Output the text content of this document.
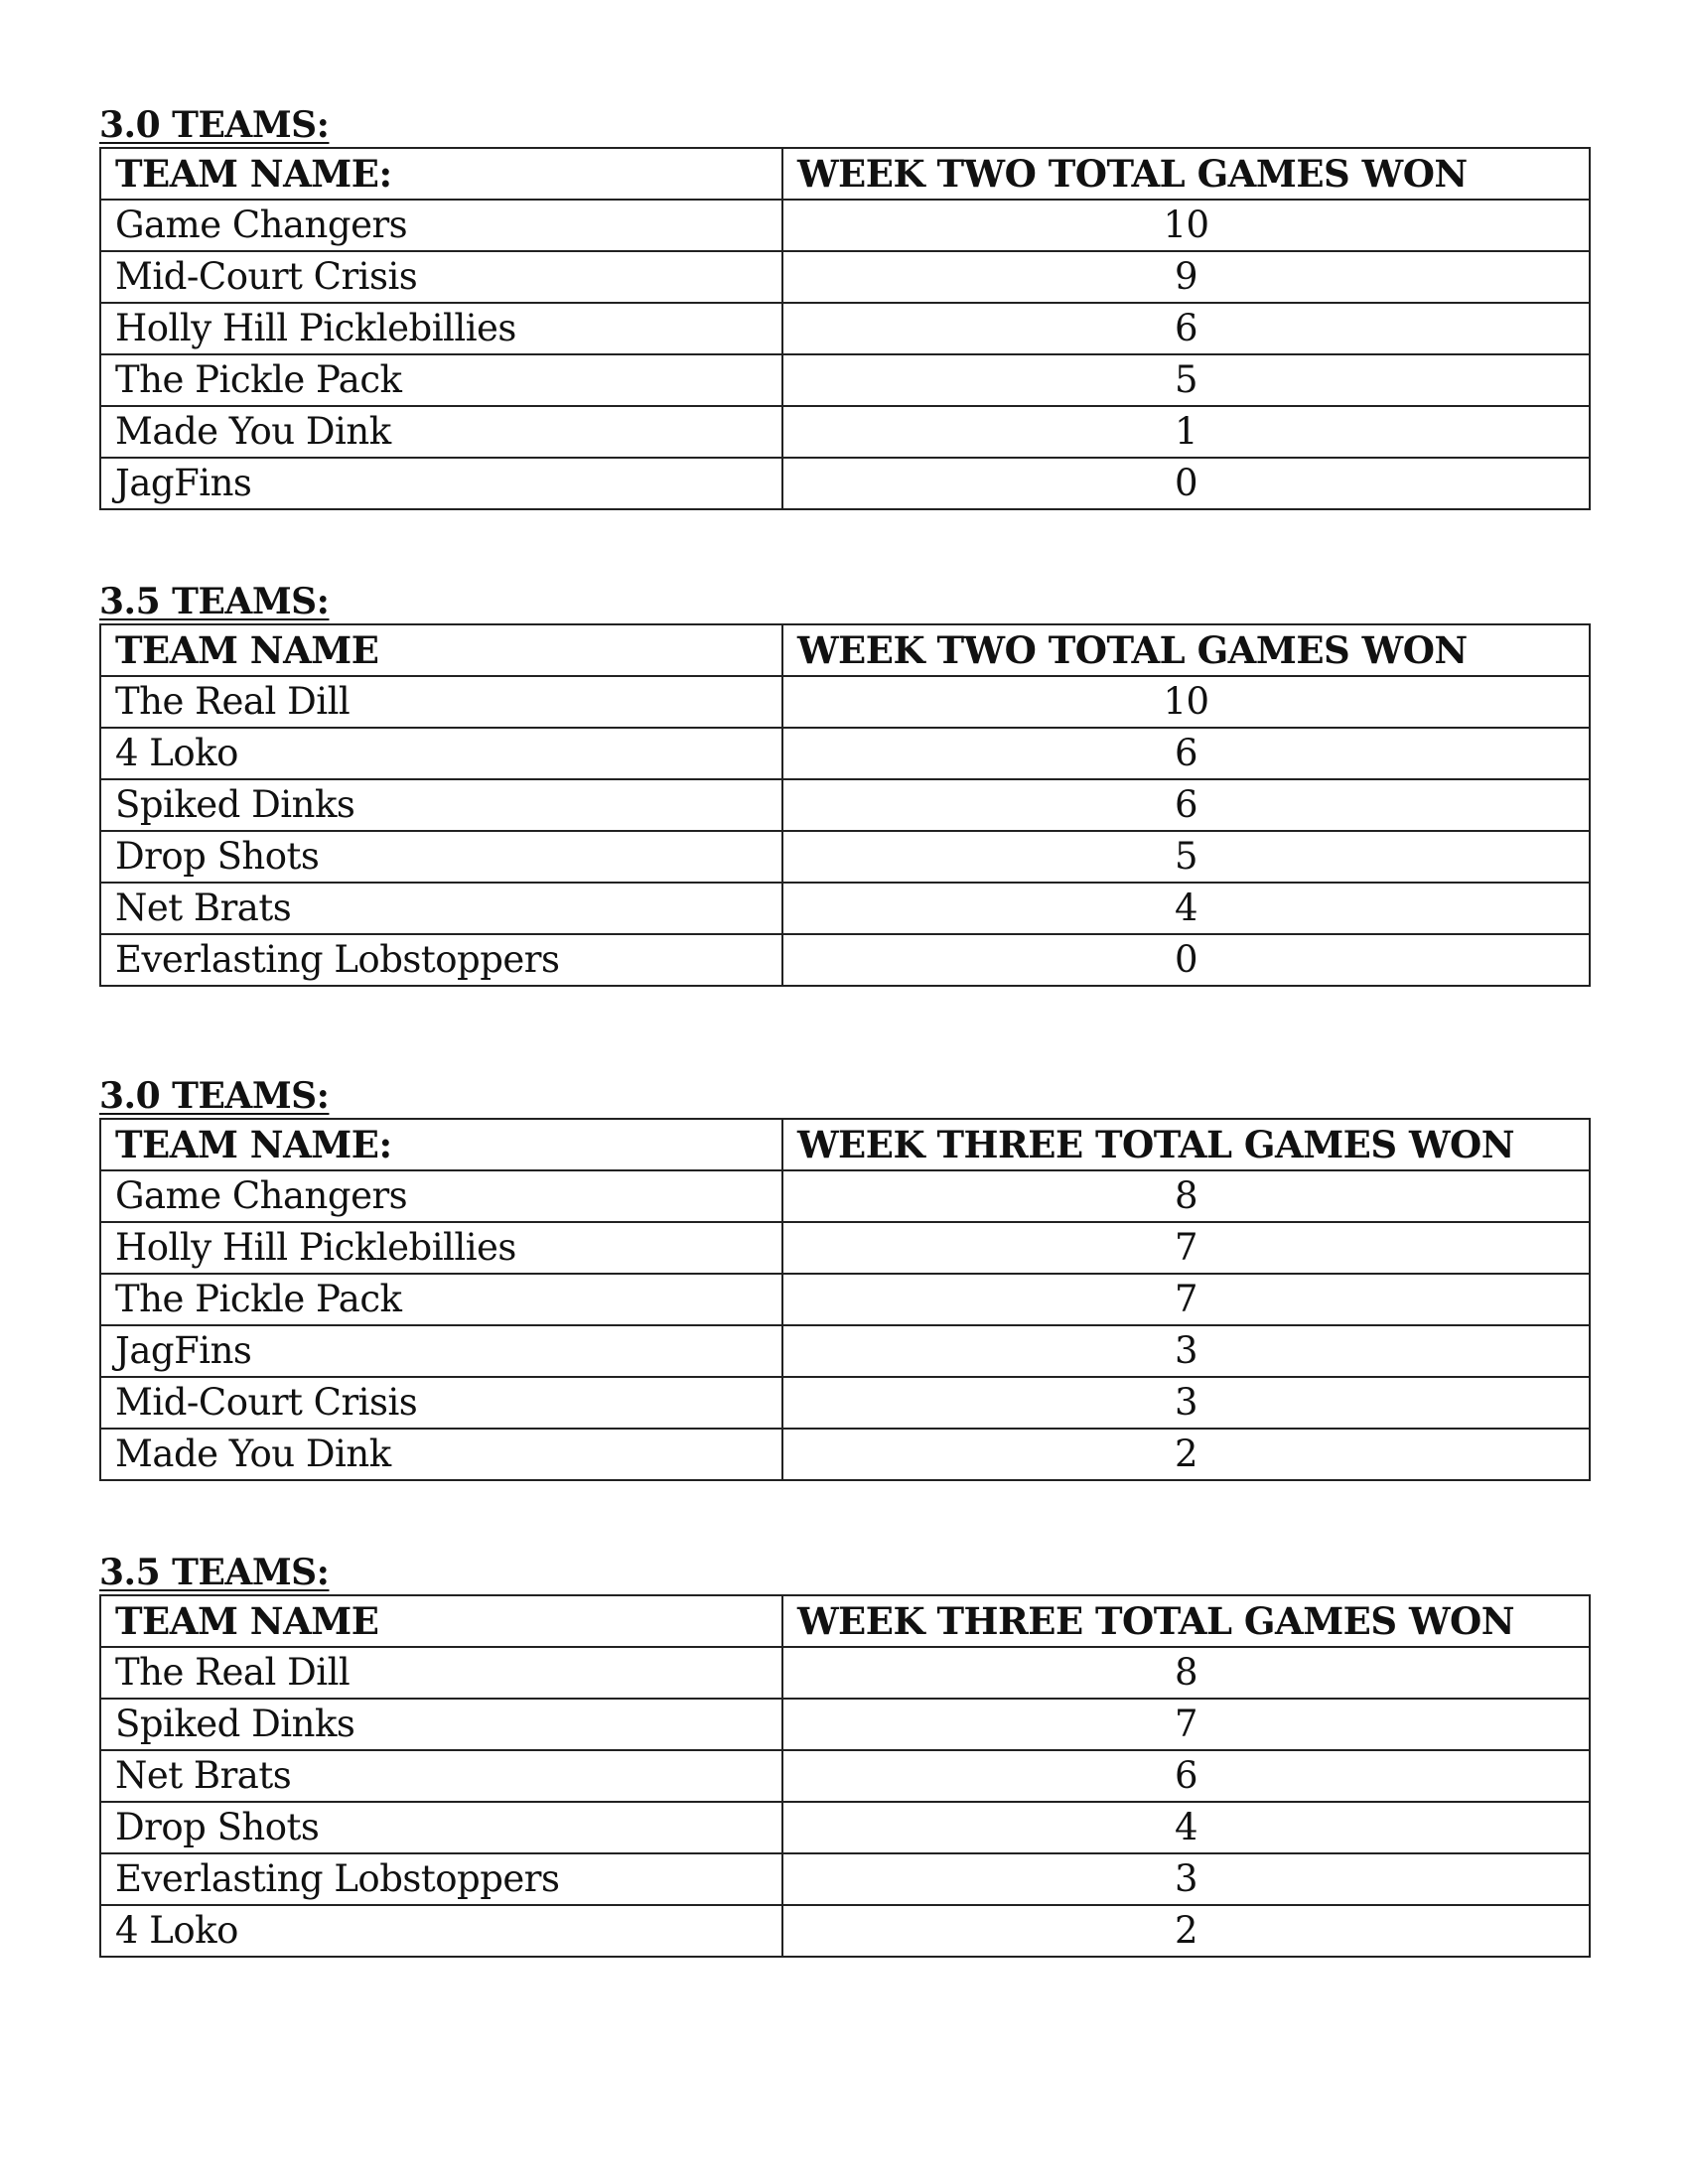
3.0 TEAMS:
TEAM NAME:	WEEK TWO TOTAL GAMES WON
Game Changers	10
Mid-Court Crisis	9
Holly Hill Picklebillies	6
The Pickle Pack	5
Made You Dink	1
JagFins	0
3.5 TEAMS:
TEAM NAME	WEEK TWO TOTAL GAMES WON
The Real Dill	10
4 Loko	6
Spiked Dinks	6
Drop Shots	5
Net Brats	4
Everlasting Lobstoppers	0
3.0 TEAMS:
TEAM NAME:	WEEK THREE TOTAL GAMES WON
Game Changers	8
Holly Hill Picklebillies	7
The Pickle Pack	7
JagFins	3
Mid-Court Crisis	3
Made You Dink	2
3.5 TEAMS:
TEAM NAME	WEEK THREE TOTAL GAMES WON
The Real Dill	8
Spiked Dinks	7
Net Brats	6
Drop Shots	4
Everlasting Lobstoppers	3
4 Loko	2
